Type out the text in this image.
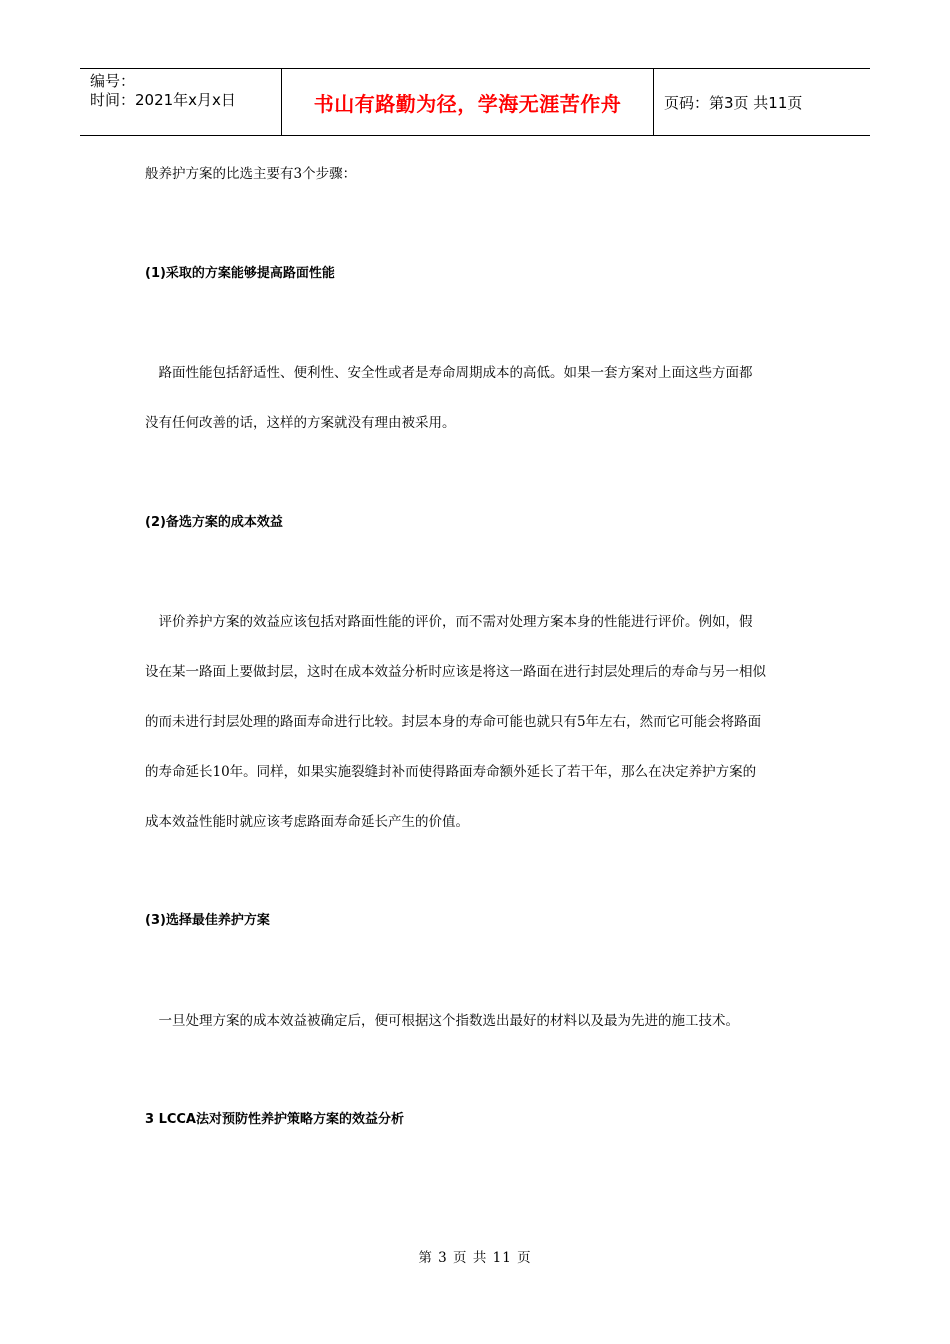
编号：
时间：2021年x月x日	书山有路勤为径，学海无涯苦作舟	页码：第3页 共11页
般养护方案的比选主要有3个步骤：
(1)采取的方案能够提高路面性能
　路面性能包括舒适性、便利性、安全性或者是寿命周期成本的高低。如果一套方案对上面这些方面都
没有任何改善的话，这样的方案就没有理由被采用。
(2)备选方案的成本效益
　评价养护方案的效益应该包括对路面性能的评价，而不需对处理方案本身的性能进行评价。例如，假
设在某一路面上要做封层，这时在成本效益分析时应该是将这一路面在进行封层处理后的寿命与另一相似
的而未进行封层处理的路面寿命进行比较。封层本身的寿命可能也就只有5年左右，然而它可能会将路面
的寿命延长10年。同样，如果实施裂缝封补而使得路面寿命额外延长了若干年，那么在决定养护方案的
成本效益性能时就应该考虑路面寿命延长产生的价值。
(3)选择最佳养护方案
　一旦处理方案的成本效益被确定后，便可根据这个指数选出最好的材料以及最为先进的施工技术。
3 LCCA法对预防性养护策略方案的效益分析
第 3 页 共 11 页
